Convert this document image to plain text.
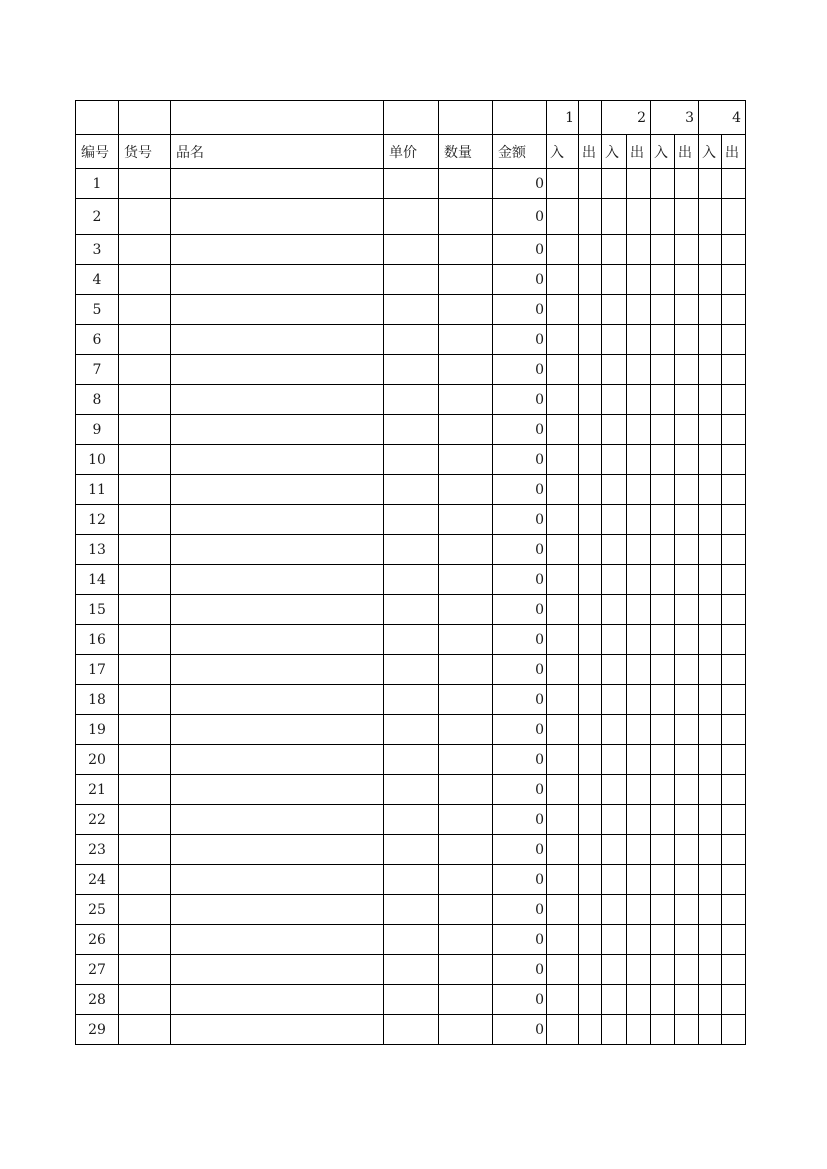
						1		2		3		4	
编号	货号	品名	单价	数量	金额	入	出	入	出	入	出	入	出
1					0								
2					0								
3					0								
4					0								
5					0								
6					0								
7					0								
8					0								
9					0								
10					0								
11					0								
12					0								
13					0								
14					0								
15					0								
16					0								
17					0								
18					0								
19					0								
20					0								
21					0								
22					0								
23					0								
24					0								
25					0								
26					0								
27					0								
28					0								
29					0								
